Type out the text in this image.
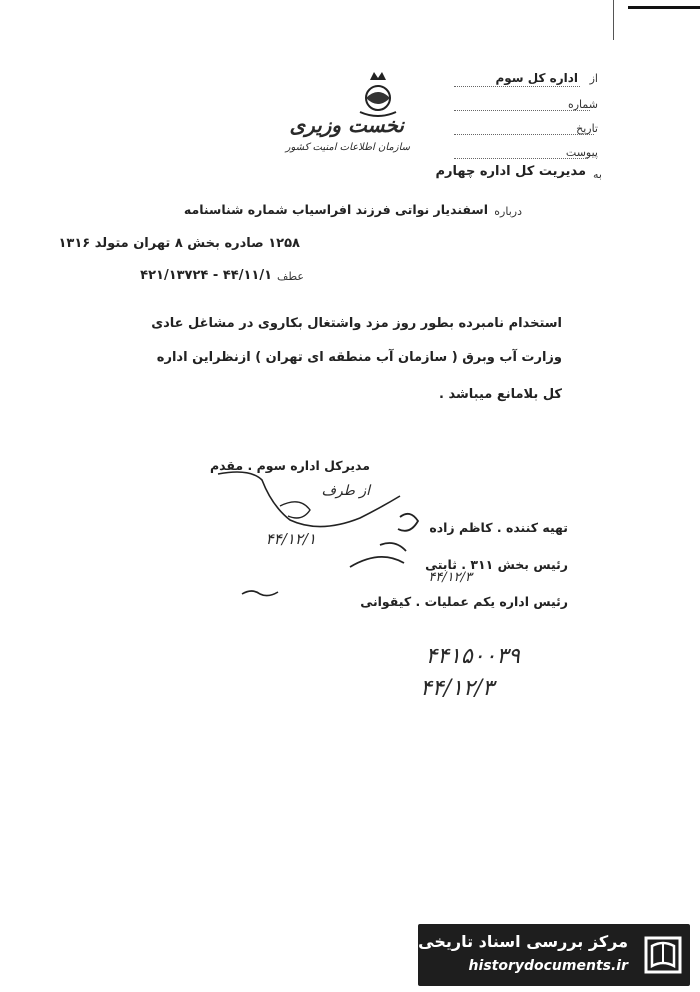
نخست وزیری
سازمان اطلاعات امنیت کشور
از
اداره کل سوم
شماره
تاریخ
پیوست
به
مدیریت کل اداره چهارم
درباره
اسفندیار نواتی فرزند افراسیاب شماره شناسنامه
۱۲۵۸ صادره بخش ۸ تهران متولد ۱۳۱۶
عطف
۴۴/۱۱/۱ - ۴۲۱/۱۳۷۲۴
استخدام نامبرده بطور روز مزد واشتغال بکاروی در مشاغل عادی
وزارت آب وبرق ( سازمان آب منطقه ای تهران ) ازنظراین اداره
کل بلامانع میباشد .
مدیرکل اداره سوم . مقدم
از طرف
۴۴/۱۲/۱
تهیه کننده . کاظم زاده
رئیس بخش ۳۱۱ . ثابتی
رئیس اداره یکم عملیات . کیقوانی
۴۴/۱۲/۳
۴۴۱۵۰۰۳۹
۴۴/۱۲/۳
مرکز بررسی اسناد تاریخی
historydocuments.ir
